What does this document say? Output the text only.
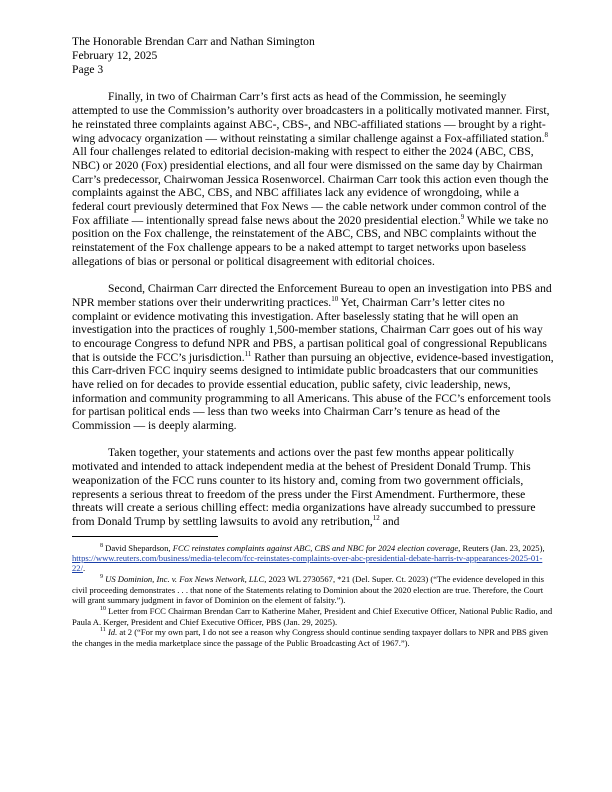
The Honorable Brendan Carr and Nathan Simington

February 12, 2025

Page 3

Finally, in two of Chairman Carr’s first acts as head of the Commission, he seemingly attempted to use the Commission’s authority over broadcasters in a politically motivated manner. First, he reinstated three complaints against ABC-, CBS-, and NBC-affiliated stations — brought by a right-wing advocacy organization — without reinstating a similar challenge against a Fox-affiliated station.$^8$ All four challenges related to editorial decision-making with respect to either the 2024 (ABC, CBS, NBC) or 2020 (Fox) presidential elections, and all four were dismissed on the same day by Chairman Carr’s predecessor, Chairwoman Jessica Rosenworcel. Chairman Carr took this action even though the complaints against the ABC, CBS, and NBC affiliates lack any evidence of wrongdoing, while a federal court previously determined that Fox News — the cable network under common control of the Fox affiliate — intentionally spread false news about the 2020 presidential election.$^9$ While we take no position on the Fox challenge, the reinstatement of the ABC, CBS, and NBC complaints without the reinstatement of the Fox challenge appears to be a naked attempt to target networks upon baseless allegations of bias or personal or political disagreement with editorial choices.

Second, Chairman Carr directed the Enforcement Bureau to open an investigation into PBS and NPR member stations over their underwriting practices.$^{10}$ Yet, Chairman Carr’s letter cites no complaint or evidence motivating this investigation. After baselessly stating that he will open an investigation into the practices of roughly 1,500-member stations, Chairman Carr goes out of his way to encourage Congress to defund NPR and PBS, a partisan political goal of congressional Republicans that is outside the FCC’s jurisdiction.$^{11}$ Rather than pursuing an objective, evidence-based investigation, this Carr-driven FCC inquiry seems designed to intimidate public broadcasters that our communities have relied on for decades to provide essential education, public safety, civic leadership, news, information and community programming to all Americans. This abuse of the FCC’s enforcement tools for partisan political ends — less than two weeks into Chairman Carr’s tenure as head of the Commission — is deeply alarming.

Taken together, your statements and actions over the past few months appear politically motivated and intended to attack independent media at the behest of President Donald Trump. This weaponization of the FCC runs counter to its history and, coming from two government officials, represents a serious threat to freedom of the press under the First Amendment. Furthermore, these threats will create a serious chilling effect: media organizations have already succumbed to pressure from Donald Trump by settling lawsuits to avoid any retribution,$^{12}$ and

$^8$ David Shepardson, FCC reinstates complaints against ABC, CBS and NBC for 2024 election coverage, Reuters (Jan. 23, 2025), https://www.reuters.com/business/media-telecom/fcc-reinstates-complaints-over-abc-presidential-debate-harris-tv-appearances-2025-01-22/.

$^9$ US Dominion, Inc. v. Fox News Network, LLC, 2023 WL 2730567, *21 (Del. Super. Ct. 2023) (“The evidence developed in this civil proceeding demonstrates . . . that none of the Statements relating to Dominion about the 2020 election are true. Therefore, the Court will grant summary judgment in favor of Dominion on the element of falsity.”).

$^{10}$ Letter from FCC Chairman Brendan Carr to Katherine Maher, President and Chief Executive Officer, National Public Radio, and Paula A. Kerger, President and Chief Executive Officer, PBS (Jan. 29, 2025).

$^{11}$ Id. at 2 (“For my own part, I do not see a reason why Congress should continue sending taxpayer dollars to NPR and PBS given the changes in the media marketplace since the passage of the Public Broadcasting Act of 1967.”).
